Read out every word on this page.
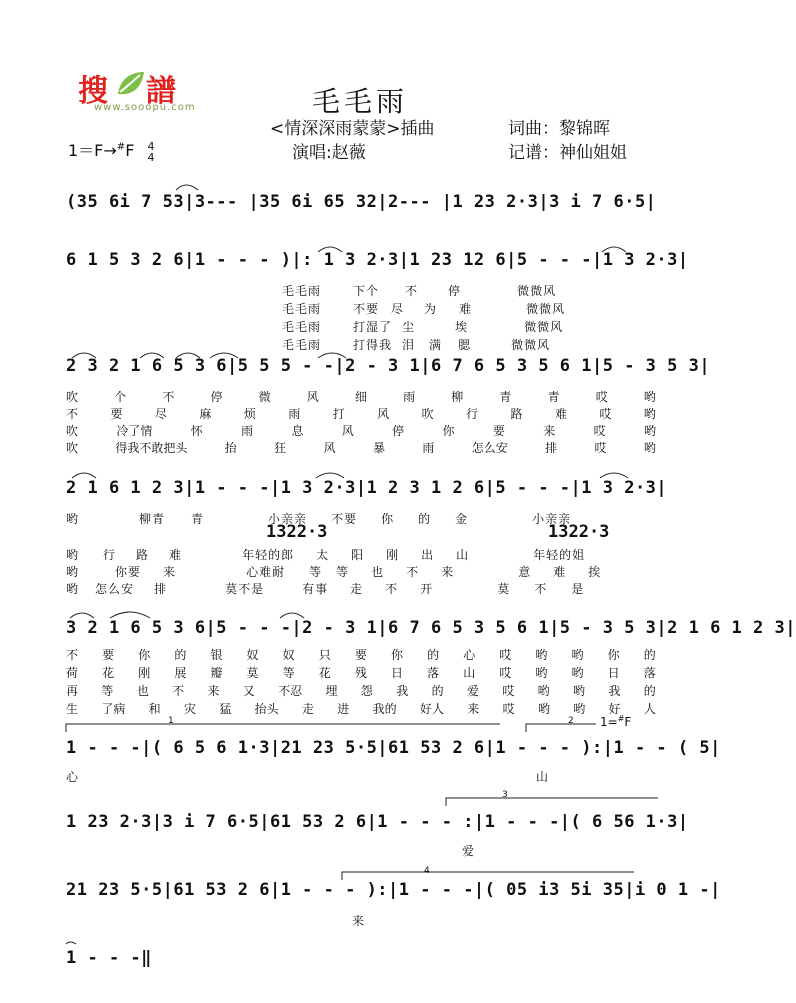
搜 譜
www.sooopu.com	毛毛雨
<情深深雨蒙蒙>插曲
演唱:赵薇
词曲：黎锦晖
记谱：神仙姐姐
1＝F→#F 4
4
(35 6i 7 53|3--- |35 6i 65 32|2--- |1 23 2·3|3 i 7 6·5|
6 1 5 3 2 6|1 - - - )|: 1 3 2·3|1 23 12 6|5 - - -|1 3 2·3|
毛毛雨	下个 不	停	微微风
毛毛雨	不要 尽 为 难	微微风
毛毛雨	打湿了 尘	埃	微微风
毛毛雨	打得我 泪 满 腮	微微风
2 3 2 1 6 5 3 6|5 5 5 - -|2 - 3 1|6 7 6 5 3 5 6 1|5 - 3 5 3|
吹	个	不	停	微	风	细	雨	柳	青	青	哎	哟
不	要	尽	麻	烦	雨	打	风	吹	行	路	难	哎	哟
吹	冷了情	怀	雨	息	风	停	你	要	来	哎	哟
吹	得我不敢把头	抬	狂	风	暴	雨	怎么安	排	哎	哟
2 1 6 1 2 3|1 - - -|1 3 2·3|1 2 3 1 2 6|5 - - -|1 3 2·3|
哟	柳青 青	小亲亲 不要 你 的 金	小亲亲
1322·3	1322·3
哟 行 路 难	年轻的郎 太 阳 刚 出 山	年轻的姐
哟	你要 来	心难耐 等 等 也 不 来	意 难 挨
哟 怎么安 排	莫不是	有事 走 不 开	莫 不 是
3 2 1 6 5 3 6|5 - - -|2 - 3 1|6 7 6 5 3 5 6 1|5 - 3 5 3|2 1 6 1 2 3|
不 要 你 的 银 奴 奴 只 要 你 的 心 哎 哟 哟 你 的
荷 花 刚 展 瓣 莫 等 花 残 日 落 山 哎 哟 哟 日 落
再 等 也 不 来 又 不忍 埋 怨 我 的 爱 哎 哟 哟 我 的
生 了病 和 灾 猛 抬头 走 进 我的 好人 来 哎 哟 哟 好 人
1	2 1=#F
1 - - -|( 6 5 6 1·3|21 23 5·5|61 53 2 6|1 - - - ):|1 - - ( 5|
心	山
3
1 23 2·3|3 i 7 6·5|61 53 2 6|1 - - - :|1 - - -|( 6 56 1·3|
爱
4
21 23 5·5|61 53 2 6|1 - - - ):|1 - - -|( 05 i3 5i 35|i 0 1 -|
来
1 - - -‖
